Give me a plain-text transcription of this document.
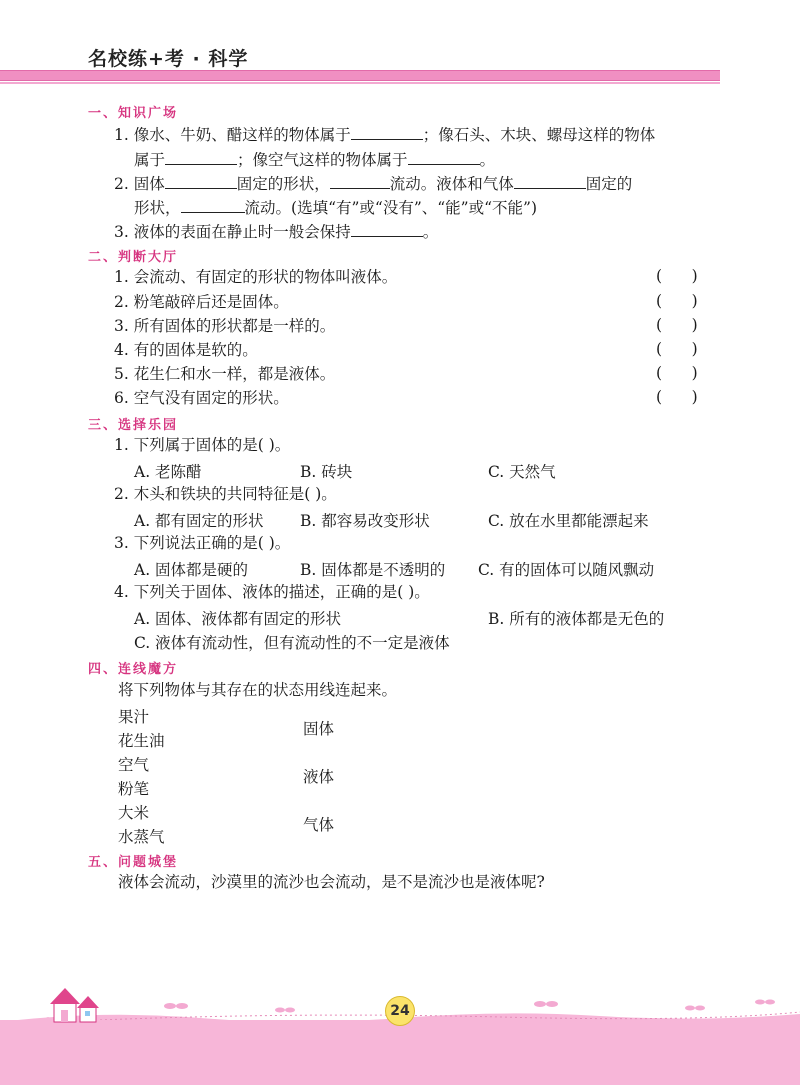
名校练+考 · 科学
一、知识广场
1. 像水、牛奶、醋这样的物体属于	；像石头、木块、螺母这样的物体
属于	；像空气这样的物体属于	。
2. 固体	固定的形状，	流动。液体和气体	固定的
形状，	流动。(选填“有”或“没有”、“能”或“不能”)
3. 液体的表面在静止时一般会保持	。
二、判断大厅
1. 会流动、有固定的形状的物体叫液体。	(      )
2. 粉笔敲碎后还是固体。	(      )
3. 所有固体的形状都是一样的。	(      )
4. 有的固体是软的。	(      )
5. 花生仁和水一样，都是液体。	(      )
6. 空气没有固定的形状。	(      )
三、选择乐园
1. 下列属于固体的是( )。
A. 老陈醋	B. 砖块	C. 天然气
2. 木头和铁块的共同特征是( )。
A. 都有固定的形状 B. 都容易改变形状	C. 放在水里都能漂起来
3. 下列说法正确的是( )。
A. 固体都是硬的	B. 固体都是不透明的 C. 有的固体可以随风飘动
4. 下列关于固体、液体的描述，正确的是( )。
A. 固体、液体都有固定的形状	B. 所有的液体都是无色的
C. 液体有流动性，但有流动性的不一定是液体
四、连线魔方
将下列物体与其存在的状态用线连起来。
果汁
花生油
空气
粉笔
大米
水蒸气
固体
液体
气体
五、问题城堡
液体会流动，沙漠里的流沙也会流动，是不是流沙也是液体呢?
24
